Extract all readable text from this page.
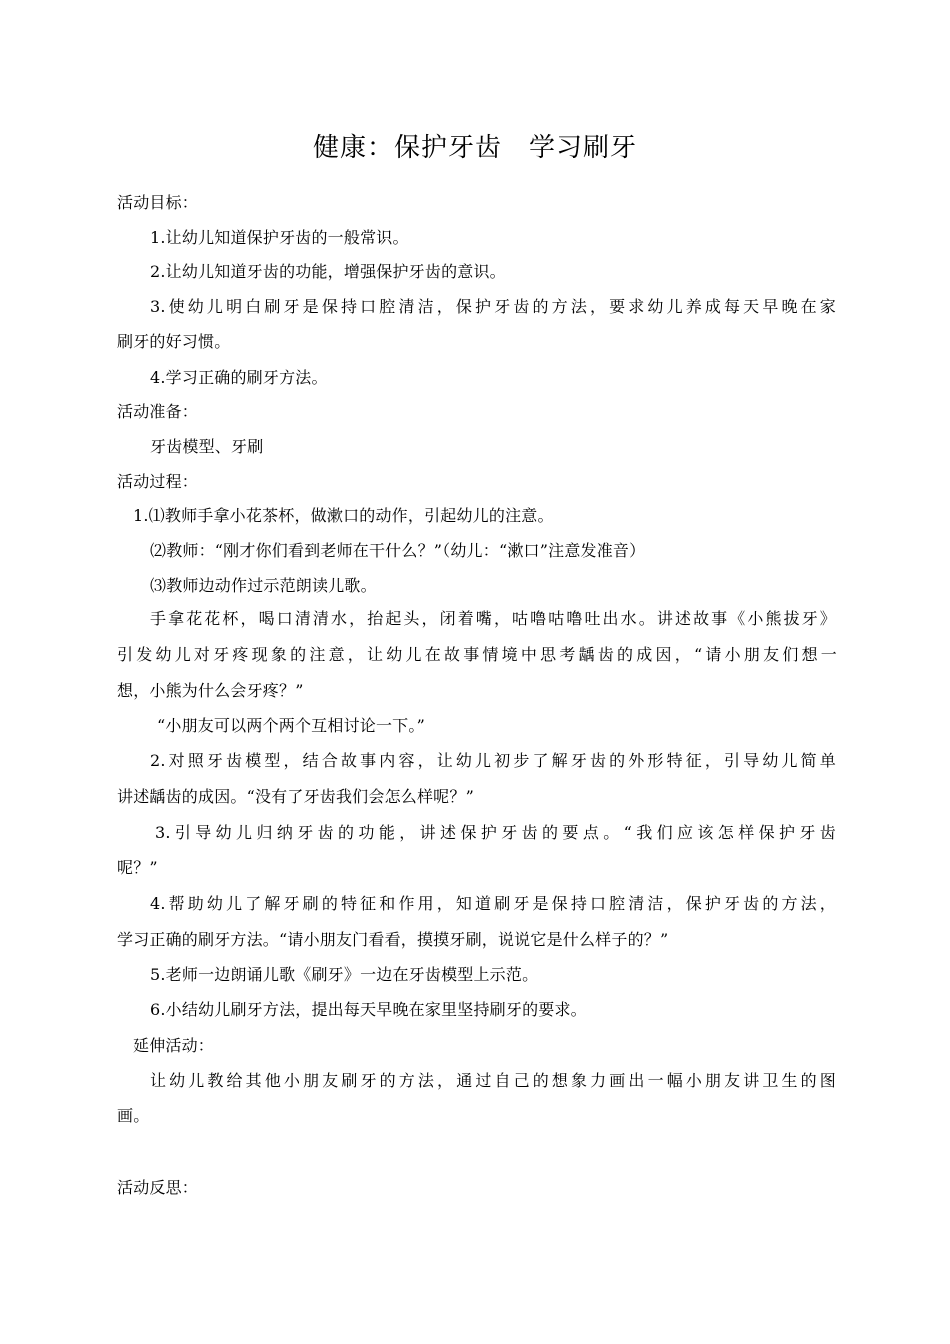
健康：保护牙齿　学习刷牙
活动目标：
1.让幼儿知道保护牙齿的一般常识。
2.让幼儿知道牙齿的功能，增强保护牙齿的意识。
3.使幼儿明白刷牙是保持口腔清洁，保护牙齿的方法，要求幼儿养成每天早晚在家
刷牙的好习惯。
4.学习正确的刷牙方法。
活动准备：
牙齿模型、牙刷
活动过程：
1.⑴教师手拿小花茶杯，做漱口的动作，引起幼儿的注意。
⑵教师：“刚才你们看到老师在干什么？”（幼儿：“漱口”注意发准音）
⑶教师边动作过示范朗读儿歌。
手拿花花杯，喝口清清水，抬起头，闭着嘴，咕噜咕噜吐出水。讲述故事《小熊拔牙》
引发幼儿对牙疼现象的注意，让幼儿在故事情境中思考龋齿的成因，“请小朋友们想一
想，小熊为什么会牙疼？”
“小朋友可以两个两个互相讨论一下。”
2.对照牙齿模型，结合故事内容，让幼儿初步了解牙齿的外形特征，引导幼儿简单
讲述龋齿的成因。“没有了牙齿我们会怎么样呢？”
3.引导幼儿归纳牙齿的功能，讲述保护牙齿的要点。“我们应该怎样保护牙齿
呢？”
4.帮助幼儿了解牙刷的特征和作用，知道刷牙是保持口腔清洁，保护牙齿的方法，
学习正确的刷牙方法。“请小朋友门看看，摸摸牙刷，说说它是什么样子的？”
5.老师一边朗诵儿歌《刷牙》一边在牙齿模型上示范。
6.小结幼儿刷牙方法，提出每天早晚在家里坚持刷牙的要求。
延伸活动：
让幼儿教给其他小朋友刷牙的方法，通过自己的想象力画出一幅小朋友讲卫生的图
画。
活动反思：
